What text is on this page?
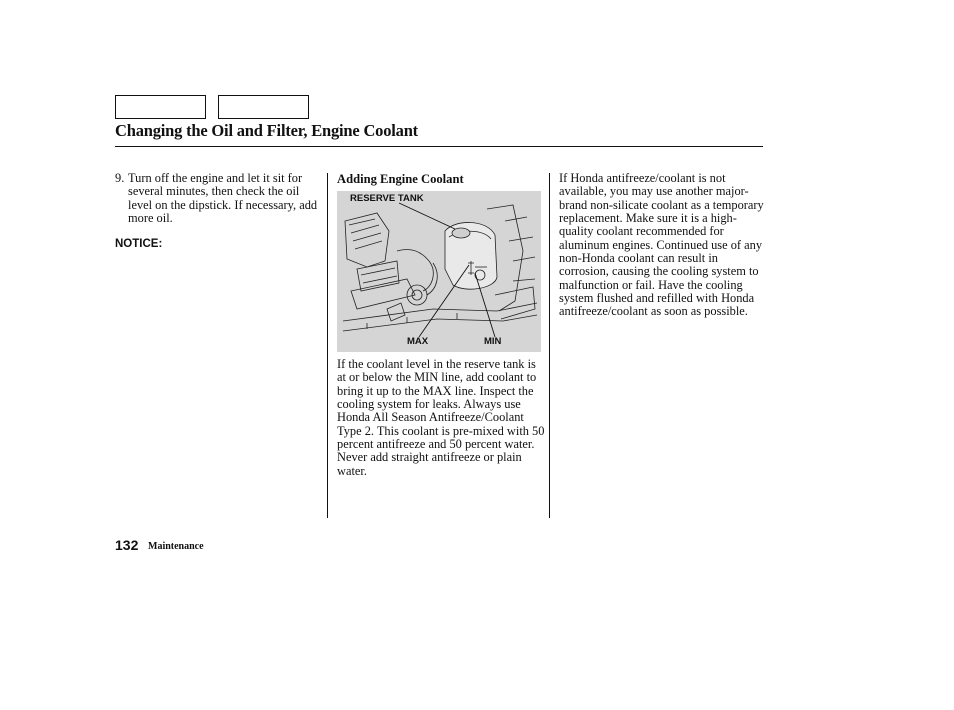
Changing the Oil and Filter, Engine Coolant
9. Turn off the engine and let it sit for several minutes, then check the oil level on the dipstick. If necessary, add more oil.
NOTICE:
Adding Engine Coolant
RESERVE TANK
MAX	MIN
If the coolant level in the reserve tank is at or below the MIN line, add coolant to bring it up to the MAX line. Inspect the cooling system for leaks. Always use Honda All Season Antifreeze/Coolant Type 2. This coolant is pre-mixed with 50 percent antifreeze and 50 percent water. Never add straight antifreeze or plain water.
If Honda antifreeze/coolant is not available, you may use another major-brand non-silicate coolant as a temporary replacement. Make sure it is a high-quality coolant recommended for aluminum engines. Continued use of any non-Honda coolant can result in corrosion, causing the cooling system to malfunction or fail. Have the cooling system flushed and refilled with Honda antifreeze/coolant as soon as possible.
132 Maintenance
